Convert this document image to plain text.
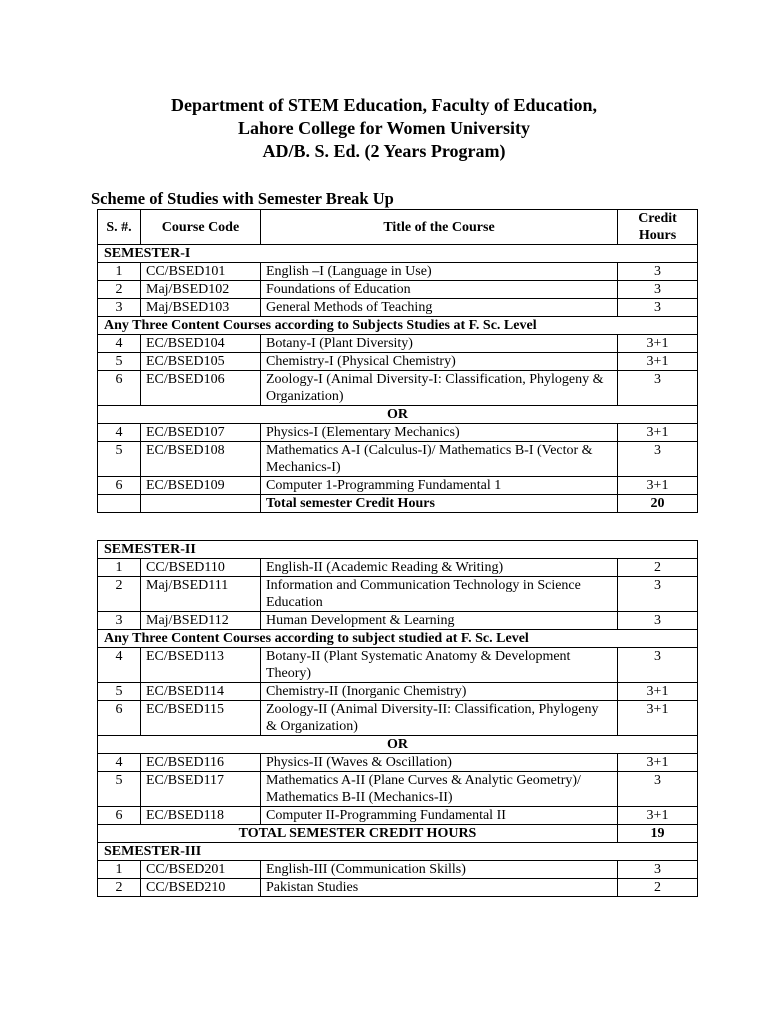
Department of STEM Education, Faculty of Education,
Lahore College for Women University
AD/B. S. Ed. (2 Years Program)
Scheme of Studies with Semester Break Up
S. #.	Course Code	Title of the Course	Credit
Hours

SEMESTER-I			
1	CC/BSED101	English –I (Language in Use)	3
2	Maj/BSED102	Foundations of Education	3
3	Maj/BSED103	General Methods of Teaching	3
Any Three Content Courses according to Subjects Studies at F. Sc. Level			
4	EC/BSED104	Botany-I (Plant Diversity)	3+1
5	EC/BSED105	Chemistry-I (Physical Chemistry)	3+1
6	EC/BSED106	Zoology-I (Animal Diversity-I: Classification, Phylogeny & Organization)	3
OR			
4	EC/BSED107	Physics-I (Elementary Mechanics)	3+1
5	EC/BSED108	Mathematics A-I (Calculus-I)/ Mathematics B-I (Vector & Mechanics-I)	3
6	EC/BSED109	Computer 1-Programming Fundamental 1	3+1
		Total semester Credit Hours	20
SEMESTER-II			
1	CC/BSED110	English-II (Academic Reading & Writing)	2
2	Maj/BSED111	Information and Communication Technology in Science Education	3
3	Maj/BSED112	Human Development & Learning	3
Any Three Content Courses according to subject studied at F. Sc. Level			
4	EC/BSED113	Botany-II (Plant Systematic Anatomy & Development Theory)	3
5	EC/BSED114	Chemistry-II (Inorganic Chemistry)	3+1
6	EC/BSED115	Zoology-II (Animal Diversity-II: Classification, Phylogeny & Organization)	3+1
OR			
4	EC/BSED116	Physics-II (Waves & Oscillation)	3+1
5	EC/BSED117	Mathematics A-II (Plane Curves & Analytic Geometry)/ Mathematics B-II (Mechanics-II)	3
6	EC/BSED118	Computer II-Programming Fundamental II	3+1
TOTAL SEMESTER CREDIT HOURS			19
SEMESTER-III			
1	CC/BSED201	English-III (Communication Skills)	3
2	CC/BSED210	Pakistan Studies	2
